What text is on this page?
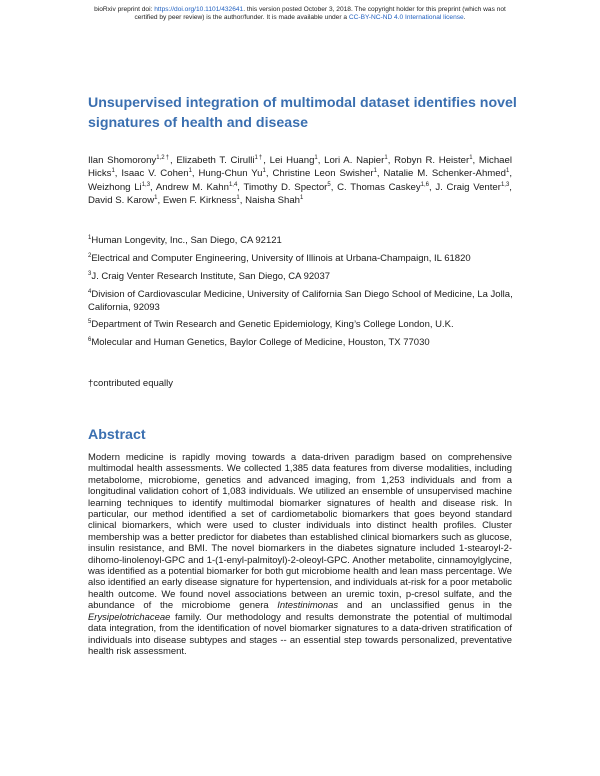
bioRxiv preprint doi: https://doi.org/10.1101/432641. this version posted October 3, 2018. The copyright holder for this preprint (which was not
certified by peer review) is the author/funder. It is made available under a CC-BY-NC-ND 4.0 International license.
Unsupervised integration of multimodal dataset identifies novel signatures of health and disease
Ilan Shomorony$^{1,2\dagger}$, Elizabeth T. Cirulli$^{1\dagger}$, Lei Huang$^1$, Lori A. Napier$^1$, Robyn R. Heister$^1$, Michael Hicks$^1$, Isaac V. Cohen$^1$, Hung-Chun Yu$^1$, Christine Leon Swisher$^1$, Natalie M. Schenker-Ahmed$^1$, Weizhong Li$^{1,3}$, Andrew M. Kahn$^{1,4}$, Timothy D. Spector$^5$, C. Thomas Caskey$^{1,6}$, J. Craig Venter$^{1,3}$, David S. Karow$^1$, Ewen F. Kirkness$^1$, Naisha Shah$^1$
$^1$Human Longevity, Inc., San Diego, CA 92121
$^2$Electrical and Computer Engineering, University of Illinois at Urbana-Champaign, IL 61820
$^3$J. Craig Venter Research Institute, San Diego, CA 92037
$^4$Division of Cardiovascular Medicine, University of California San Diego School of Medicine, La Jolla, California, 92093
$^5$Department of Twin Research and Genetic Epidemiology, King’s College London, U.K.
$^6$Molecular and Human Genetics, Baylor College of Medicine, Houston, TX 77030
†contributed equally
Abstract
Modern medicine is rapidly moving towards a data-driven paradigm based on comprehensive multimodal health assessments. We collected 1,385 data features from diverse modalities, including metabolome, microbiome, genetics and advanced imaging, from 1,253 individuals and from a longitudinal validation cohort of 1,083 individuals. We utilized an ensemble of unsupervised machine learning techniques to identify multimodal biomarker signatures of health and disease risk. In particular, our method identified a set of cardiometabolic biomarkers that goes beyond standard clinical biomarkers, which were used to cluster individuals into distinct health profiles. Cluster membership was a better predictor for diabetes than established clinical biomarkers such as glucose, insulin resistance, and BMI. The novel biomarkers in the diabetes signature included 1-stearoyl-2-dihomo-linolenoyl-GPC and 1-(1-enyl-palmitoyl)-2-oleoyl-GPC. Another metabolite, cinnamoylglycine, was identified as a potential biomarker for both gut microbiome health and lean mass percentage. We also identified an early disease signature for hypertension, and individuals at-risk for a poor metabolic health outcome. We found novel associations between an uremic toxin, p-cresol sulfate, and the abundance of the microbiome genera Intestinimonas and an unclassified genus in the Erysipelotrichaceae family. Our methodology and results demonstrate the potential of multimodal data integration, from the identification of novel biomarker signatures to a data-driven stratification of individuals into disease subtypes and stages -- an essential step towards personalized, preventative health risk assessment.
